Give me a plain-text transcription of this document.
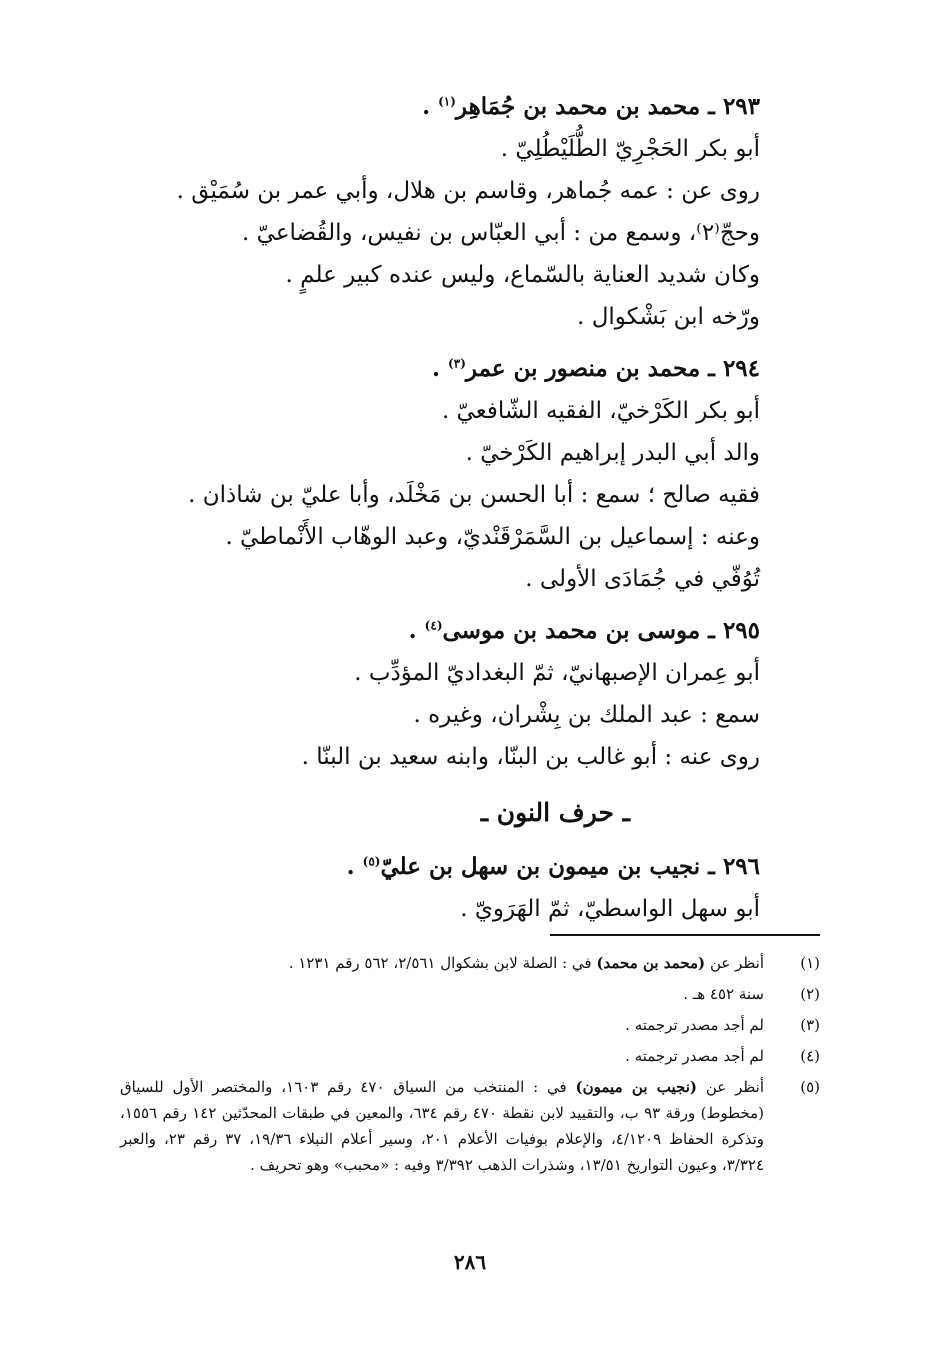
٢٩٣ ـ محمد بن محمد بن جُمَاهِر$^{(١)}$ .
أبو بكر الحَجْرِيّ الطُّلَيْطُلِيّ .
روى عن : عمه جُماهر، وقاسم بن هلال، وأبي عمر بن سُمَيْق .
وحجّ⁽٢⁾، وسمع من : أبي العبّاس بن نفيس، والقُضاعيّ .
وكان شديد العناية بالسّماع، وليس عنده كبير علمٍ .
ورّخه ابن بَشْكوال .
٢٩٤ ـ محمد بن منصور بن عمر$^{(٣)}$ .
أبو بكر الكَرْخيّ، الفقيه الشّافعيّ .
والد أبي البدر إبراهيم الكَرْخيّ .
فقيه صالح ؛ سمع : أبا الحسن بن مَخْلَد، وأبا عليّ بن شاذان .
وعنه : إسماعيل بن السَّمَرْقَنْديّ، وعبد الوهّاب الأَنْماطيّ .
تُوُفّي في جُمَادَى الأولى .
٢٩٥ ـ موسى بن محمد بن موسى$^{(٤)}$ .
أبو عِمران الإصبهانيّ، ثمّ البغداديّ المؤدِّب .
سمع : عبد الملك بن بِشْران، وغيره .
روى عنه : أبو غالب بن البنّا، وابنه سعيد بن البنّا .
ـ حرف النون ـ
٢٩٦ ـ نجيب بن ميمون بن سهل بن عليّ$^{(٥)}$ .
أبو سهل الواسطيّ، ثمّ الهَرَويّ .
(١)
أنظر عن (محمد بن محمد) في : الصلة لابن بشكوال ٢/٥٦١، ٥٦٢ رقم ١٢٣١ .
(٢)
سنة ٤٥٢ هـ .
(٣)
لم أجد مصدر ترجمته .
(٤)
لم أجد مصدر ترجمته .
(٥)
أنظر عن (نجيب بن ميمون) في : المنتخب من السياق ٤٧٠ رقم ١٦٠٣، والمختصر الأول للسياق (مخطوط) ورقة ٩٣ ب، والتقييد لابن نقطة ٤٧٠ رقم ٦٣٤، والمعين في طبقات المحدّثين ١٤٢ رقم ١٥٥٦، وتذكرة الحفاظ ٤/١٢٠٩، والإعلام بوفيات الأعلام ٢٠١، وسير أعلام النبلاء ١٩/٣٦، ٣٧ رقم ٢٣، والعبر ٣/٣٢٤، وعيون التواريخ ١٣/٥١، وشذرات الذهب ٣/٣٩٢ وفيه : «محبب» وهو تحريف .
٢٨٦
